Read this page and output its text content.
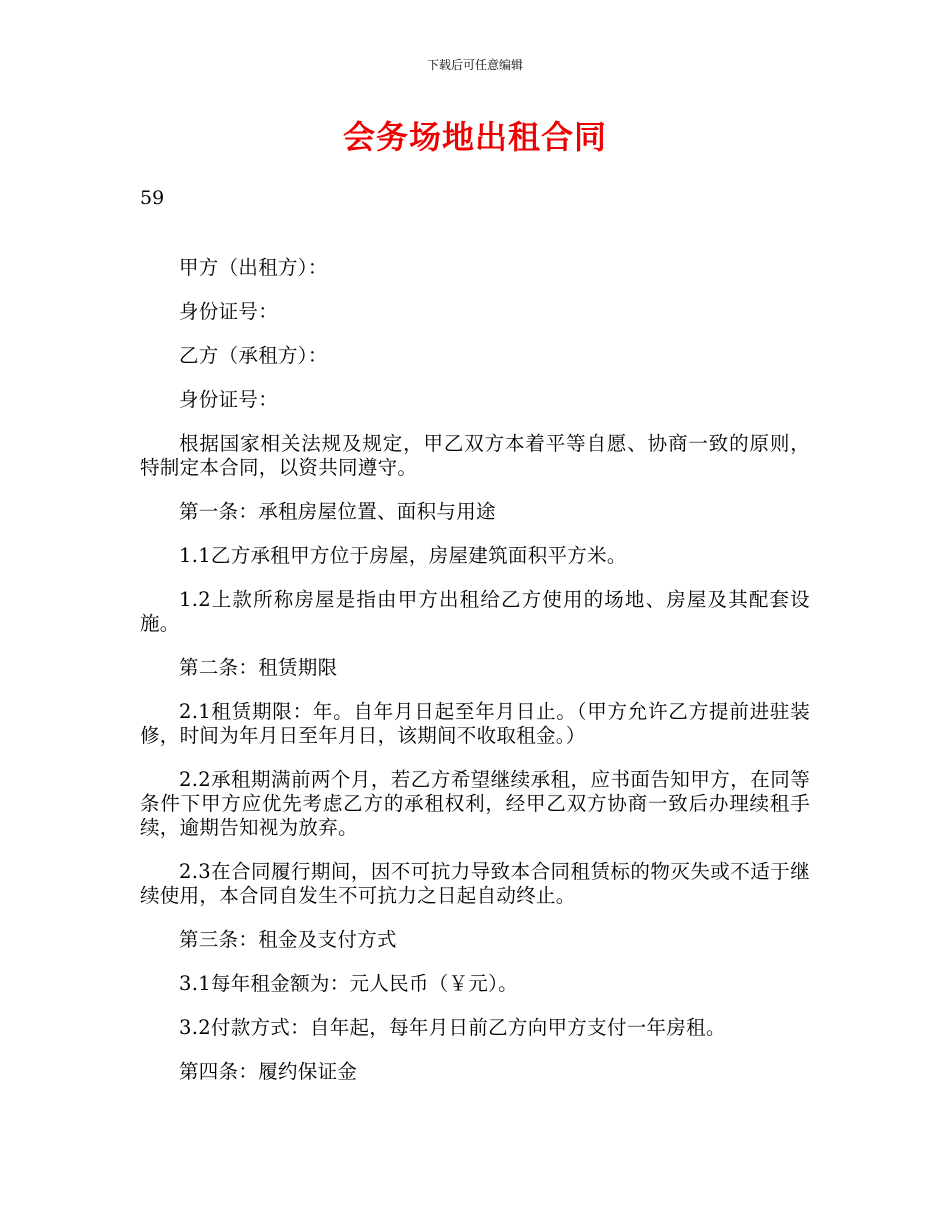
下载后可任意编辑
会务场地出租合同
59

甲方（出租方）：

身份证号：

乙方（承租方）：

身份证号：

根据国家相关法规及规定，甲乙双方本着平等自愿、协商一致的原则，特制定本合同，以资共同遵守。

第一条：承租房屋位置、面积与用途

1.1乙方承租甲方位于房屋，房屋建筑面积平方米。

1.2上款所称房屋是指由甲方出租给乙方使用的场地、房屋及其配套设施。

第二条：租赁期限

2.1租赁期限：年。自年月日起至年月日止。（甲方允许乙方提前进驻装修，时间为年月日至年月日，该期间不收取租金。）

2.2承租期满前两个月，若乙方希望继续承租，应书面告知甲方，在同等条件下甲方应优先考虑乙方的承租权利，经甲乙双方协商一致后办理续租手续，逾期告知视为放弃。

2.3在合同履行期间，因不可抗力导致本合同租赁标的物灭失或不适于继续使用，本合同自发生不可抗力之日起自动终止。

第三条：租金及支付方式

3.1每年租金额为：元人民币（￥元）。

3.2付款方式：自年起，每年月日前乙方向甲方支付一年房租。

第四条：履约保证金
